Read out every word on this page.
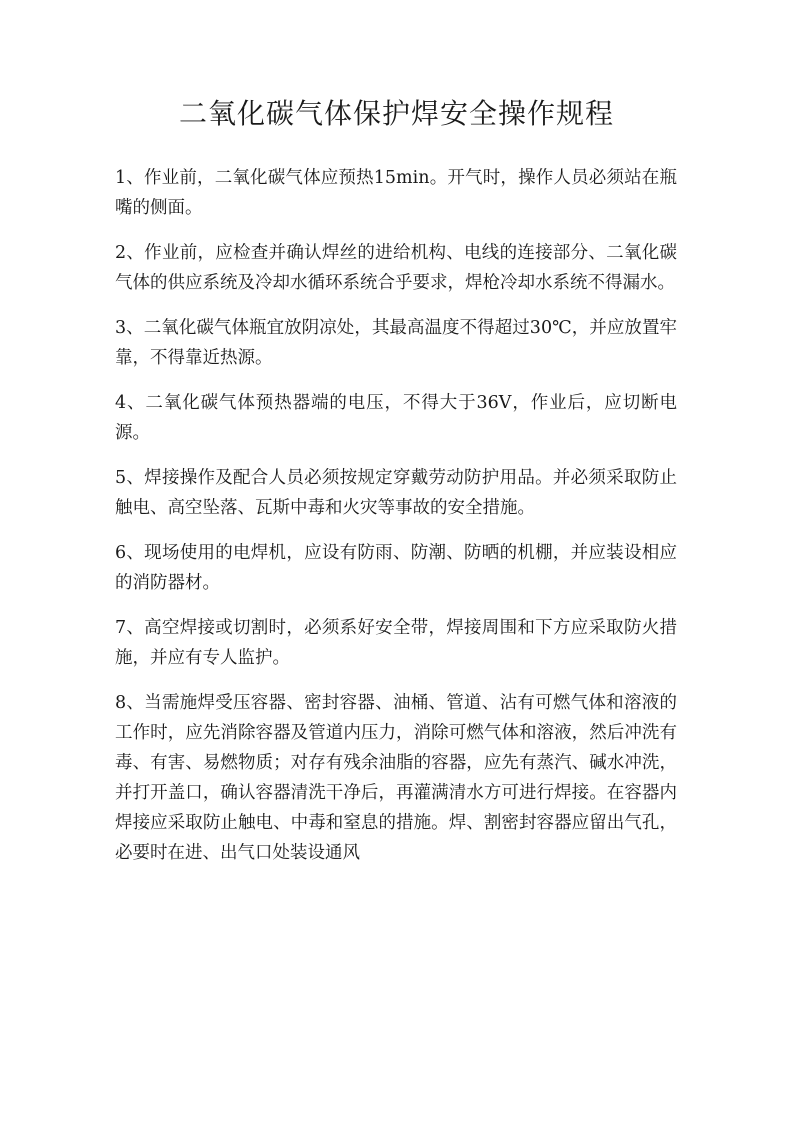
二氧化碳气体保护焊安全操作规程

1、作业前，二氧化碳气体应预热15min。开气时，操作人员必须站在瓶嘴的侧面。

2、作业前，应检查并确认焊丝的进给机构、电线的连接部分、二氧化碳气体的供应系统及冷却水循环系统合乎要求，焊枪冷却水系统不得漏水。

3、二氧化碳气体瓶宜放阴凉处，其最高温度不得超过30℃，并应放置牢靠，不得靠近热源。

4、二氧化碳气体预热器端的电压，不得大于36V，作业后，应切断电源。

5、焊接操作及配合人员必须按规定穿戴劳动防护用品。并必须采取防止触电、高空坠落、瓦斯中毒和火灾等事故的安全措施。

6、现场使用的电焊机，应设有防雨、防潮、防晒的机棚，并应装设相应的消防器材。

7、高空焊接或切割时，必须系好安全带，焊接周围和下方应采取防火措施，并应有专人监护。

8、当需施焊受压容器、密封容器、油桶、管道、沾有可燃气体和溶液的工作时，应先消除容器及管道内压力，消除可燃气体和溶液，然后冲洗有毒、有害、易燃物质；对存有残余油脂的容器，应先有蒸汽、碱水冲洗，并打开盖口，确认容器清洗干净后，再灌满清水方可进行焊接。在容器内焊接应采取防止触电、中毒和窒息的措施。焊、割密封容器应留出气孔，必要时在进、出气口处装设通风
